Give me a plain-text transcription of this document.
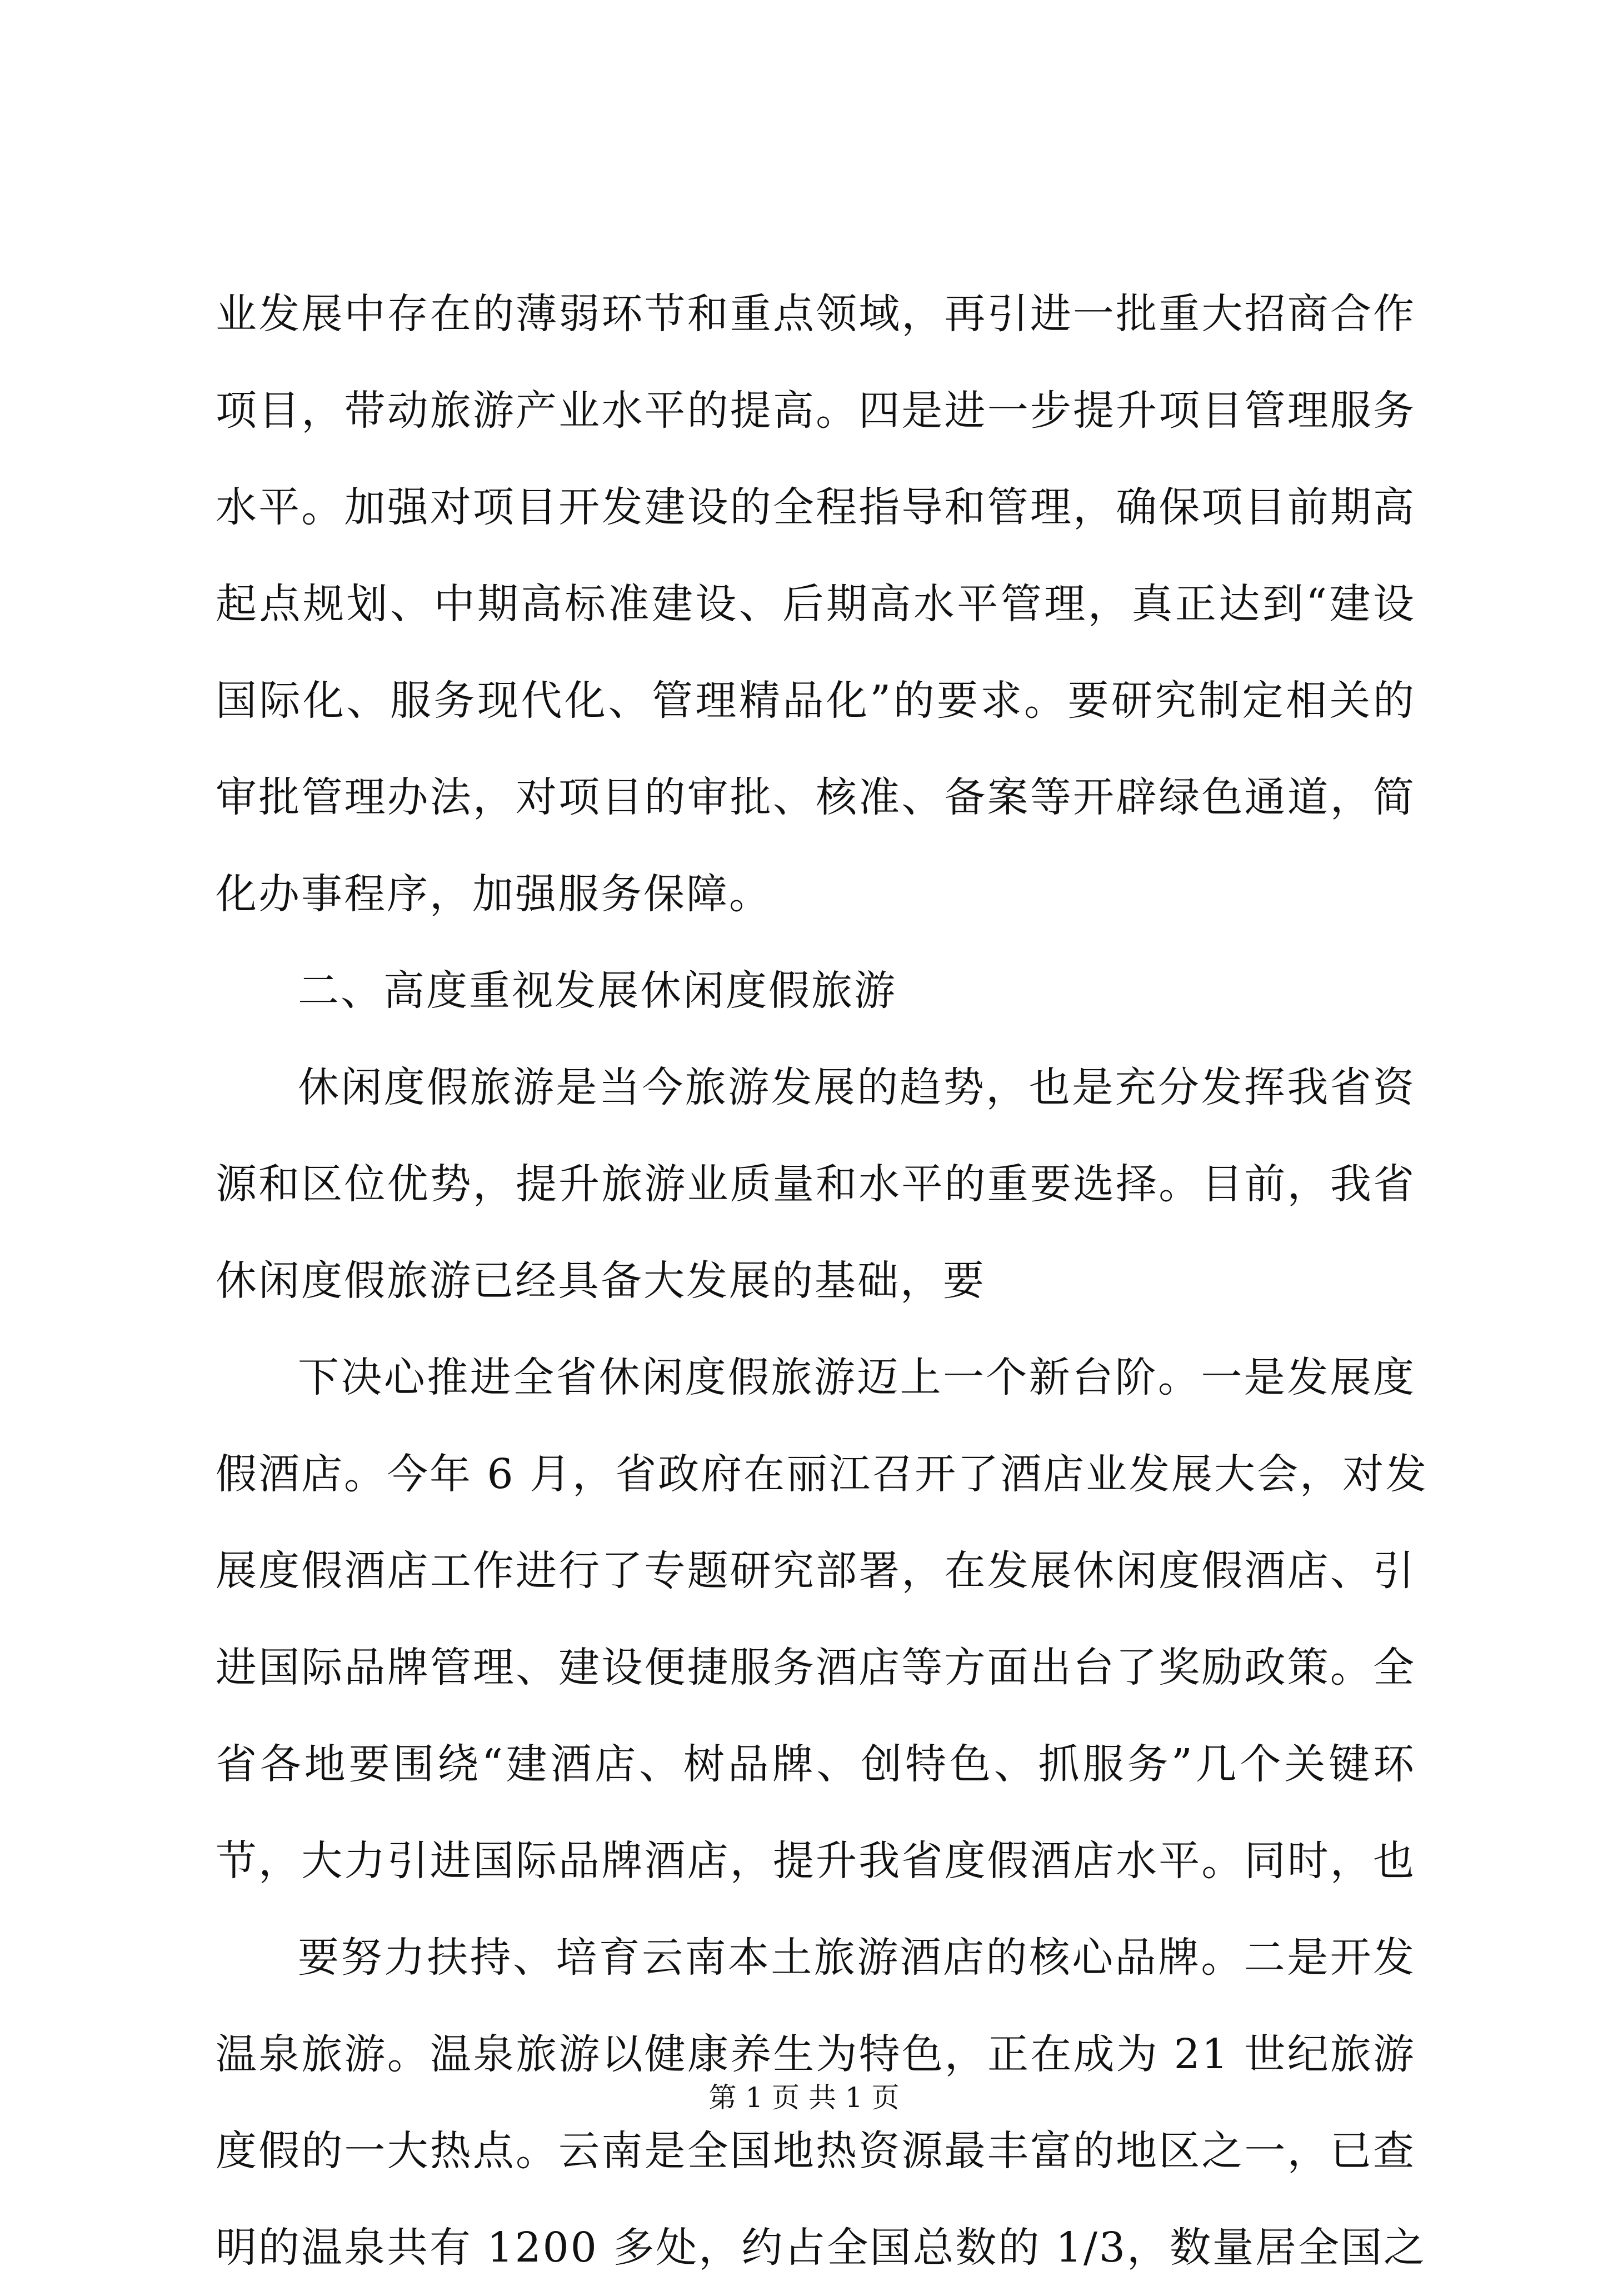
业发展中存在的薄弱环节和重点领域，再引进一批重大招商合作
项目，带动旅游产业水平的提高。四是进一步提升项目管理服务
水平。加强对项目开发建设的全程指导和管理，确保项目前期高
起点规划、中期高标准建设、后期高水平管理，真正达到“建设
国际化、服务现代化、管理精品化”的要求。要研究制定相关的
审批管理办法，对项目的审批、核准、备案等开辟绿色通道，简
化办事程序，加强服务保障。
二、高度重视发展休闲度假旅游
休闲度假旅游是当今旅游发展的趋势，也是充分发挥我省资
源和区位优势，提升旅游业质量和水平的重要选择。目前，我省
休闲度假旅游已经具备大发展的基础，要
下决心推进全省休闲度假旅游迈上一个新台阶。一是发展度
假酒店。今年 6 月，省政府在丽江召开了酒店业发展大会，对发
展度假酒店工作进行了专题研究部署，在发展休闲度假酒店、引
进国际品牌管理、建设便捷服务酒店等方面出台了奖励政策。全
省各地要围绕“建酒店、树品牌、创特色、抓服务”几个关键环
节，大力引进国际品牌酒店，提升我省度假酒店水平。同时，也
要努力扶持、培育云南本土旅游酒店的核心品牌。二是开发
温泉旅游。温泉旅游以健康养生为特色，正在成为 21 世纪旅游
度假的一大热点。云南是全国地热资源最丰富的地区之一，已查
明的温泉共有 1200 多处，约占全国总数的 1/3，数量居全国之
第 1 页 共 1 页
